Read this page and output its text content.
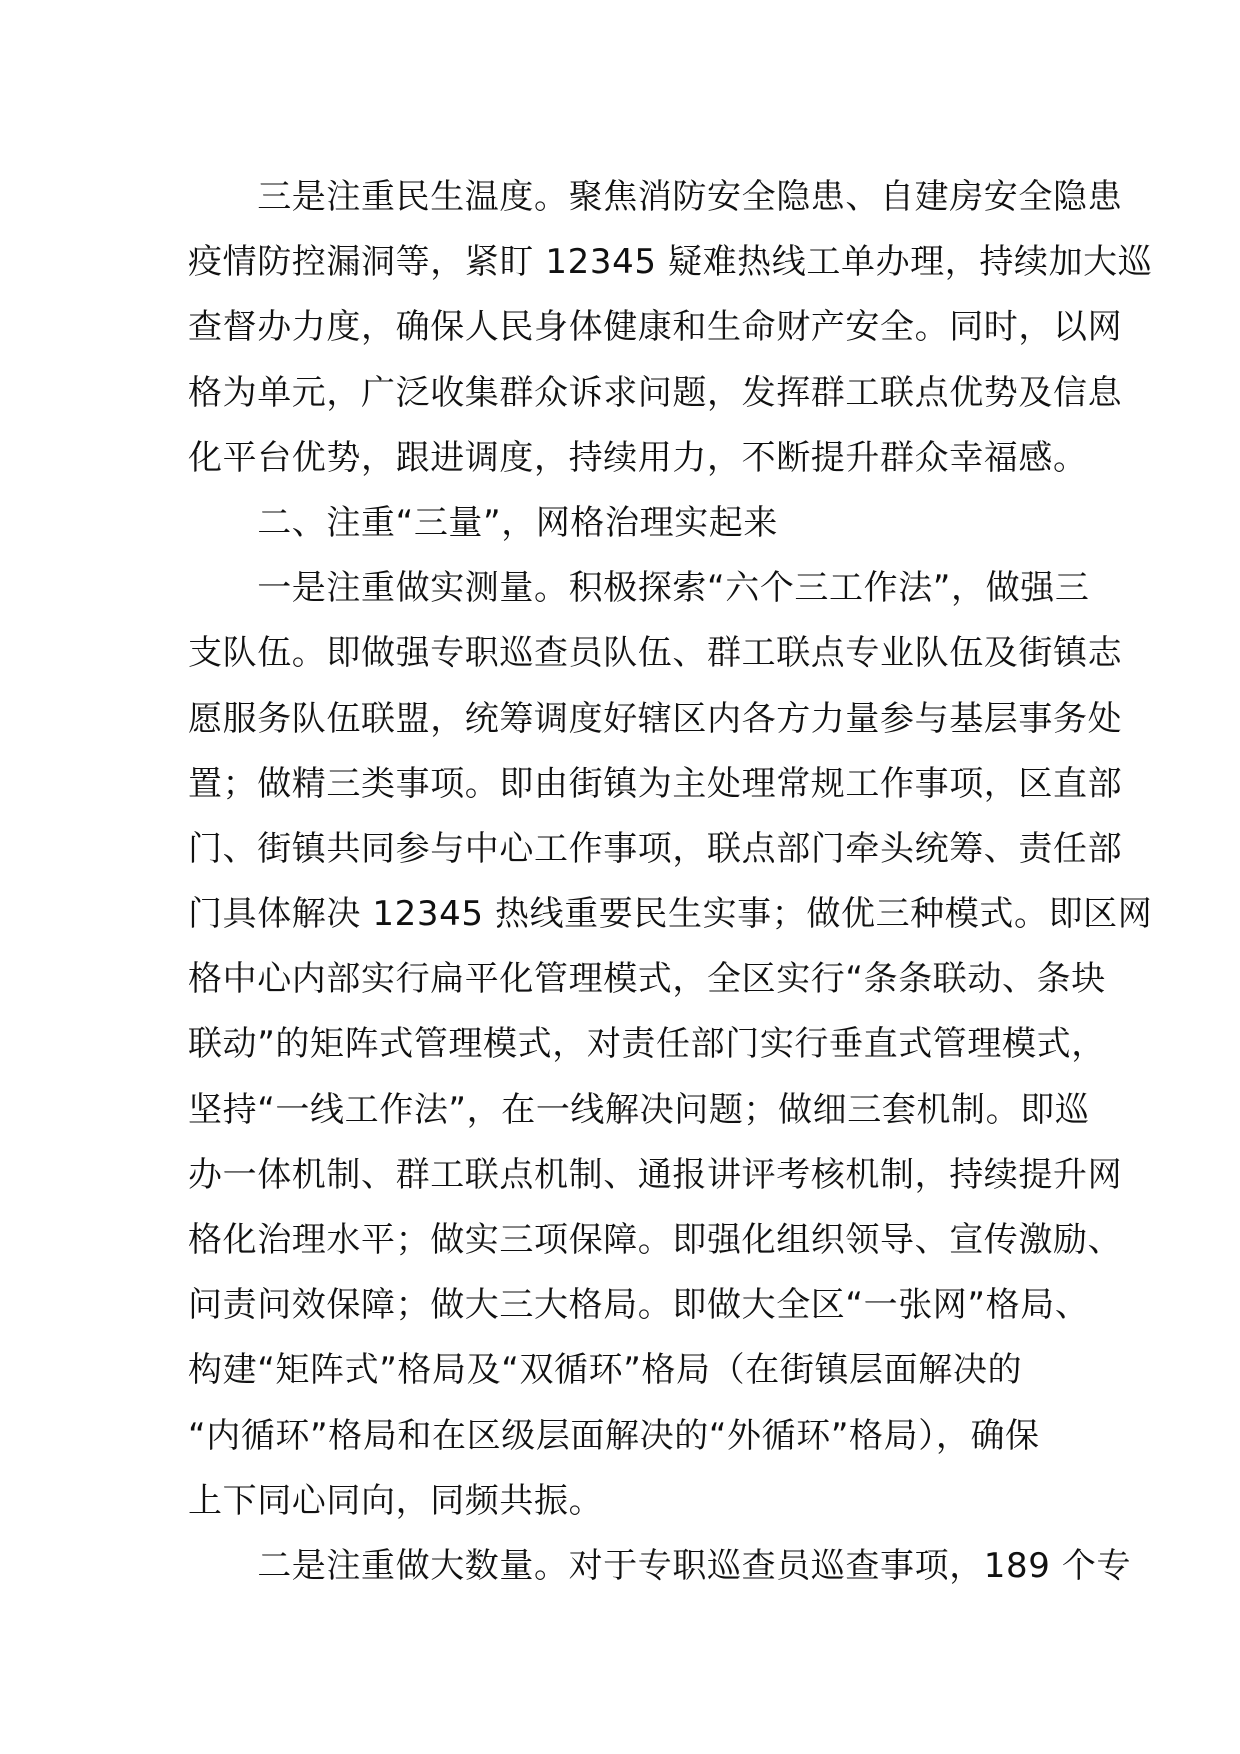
　　三是注重民生温度。聚焦消防安全隐患、自建房安全隐患
疫情防控漏洞等，紧盯 12345 疑难热线工单办理，持续加大巡
查督办力度，确保人民身体健康和生命财产安全。同时，以网
格为单元，广泛收集群众诉求问题，发挥群工联点优势及信息
化平台优势，跟进调度，持续用力，不断提升群众幸福感。
　　二、注重“三量”，网格治理实起来
　　一是注重做实测量。积极探索“六个三工作法”，做强三
支队伍。即做强专职巡查员队伍、群工联点专业队伍及街镇志
愿服务队伍联盟，统筹调度好辖区内各方力量参与基层事务处
置；做精三类事项。即由街镇为主处理常规工作事项，区直部
门、街镇共同参与中心工作事项，联点部门牵头统筹、责任部
门具体解决 12345 热线重要民生实事；做优三种模式。即区网
格中心内部实行扁平化管理模式，全区实行“条条联动、条块
联动”的矩阵式管理模式，对责任部门实行垂直式管理模式，
坚持“一线工作法”，在一线解决问题；做细三套机制。即巡
办一体机制、群工联点机制、通报讲评考核机制，持续提升网
格化治理水平；做实三项保障。即强化组织领导、宣传激励、
问责问效保障；做大三大格局。即做大全区“一张网”格局、
构建“矩阵式”格局及“双循环”格局（在街镇层面解决的
“内循环”格局和在区级层面解决的“外循环”格局），确保
上下同心同向，同频共振。
　　二是注重做大数量。对于专职巡查员巡查事项，189 个专
